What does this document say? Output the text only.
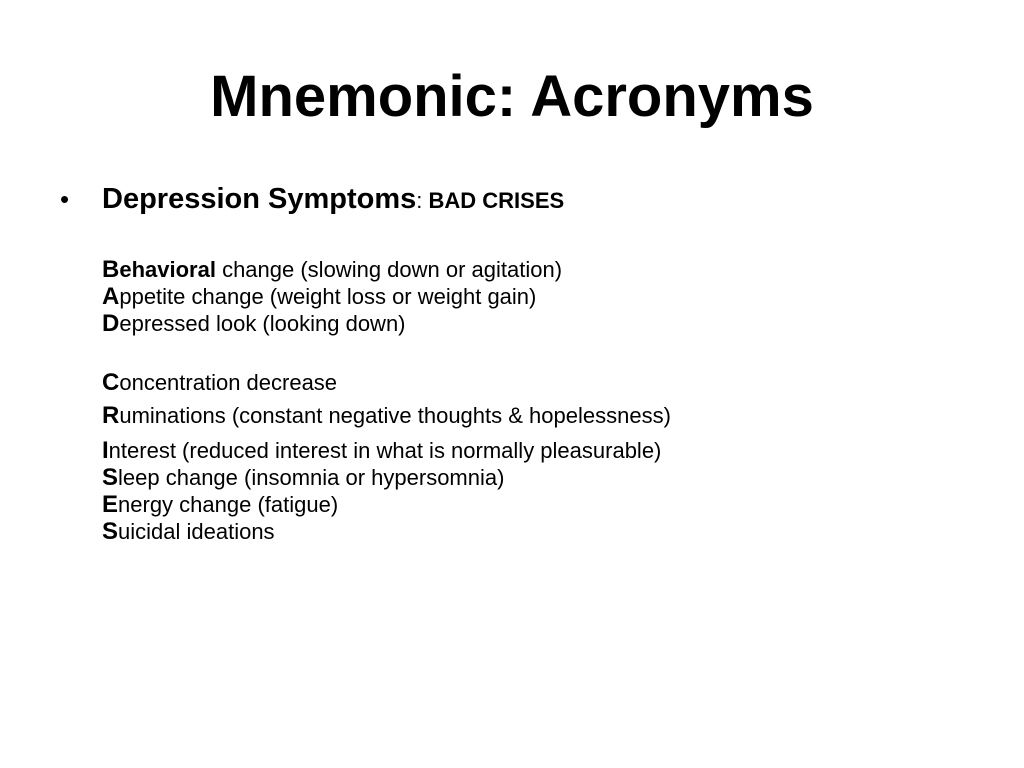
Mnemonic: Acronyms
• Depression Symptoms: BAD CRISES
Behavioral change (slowing down or agitation)
Appetite change (weight loss or weight gain)
Depressed look (looking down)
Concentration decrease
Ruminations (constant negative thoughts & hopelessness)
Interest (reduced interest in what is normally pleasurable)
Sleep change (insomnia or hypersomnia)
Energy change (fatigue)
Suicidal ideations
